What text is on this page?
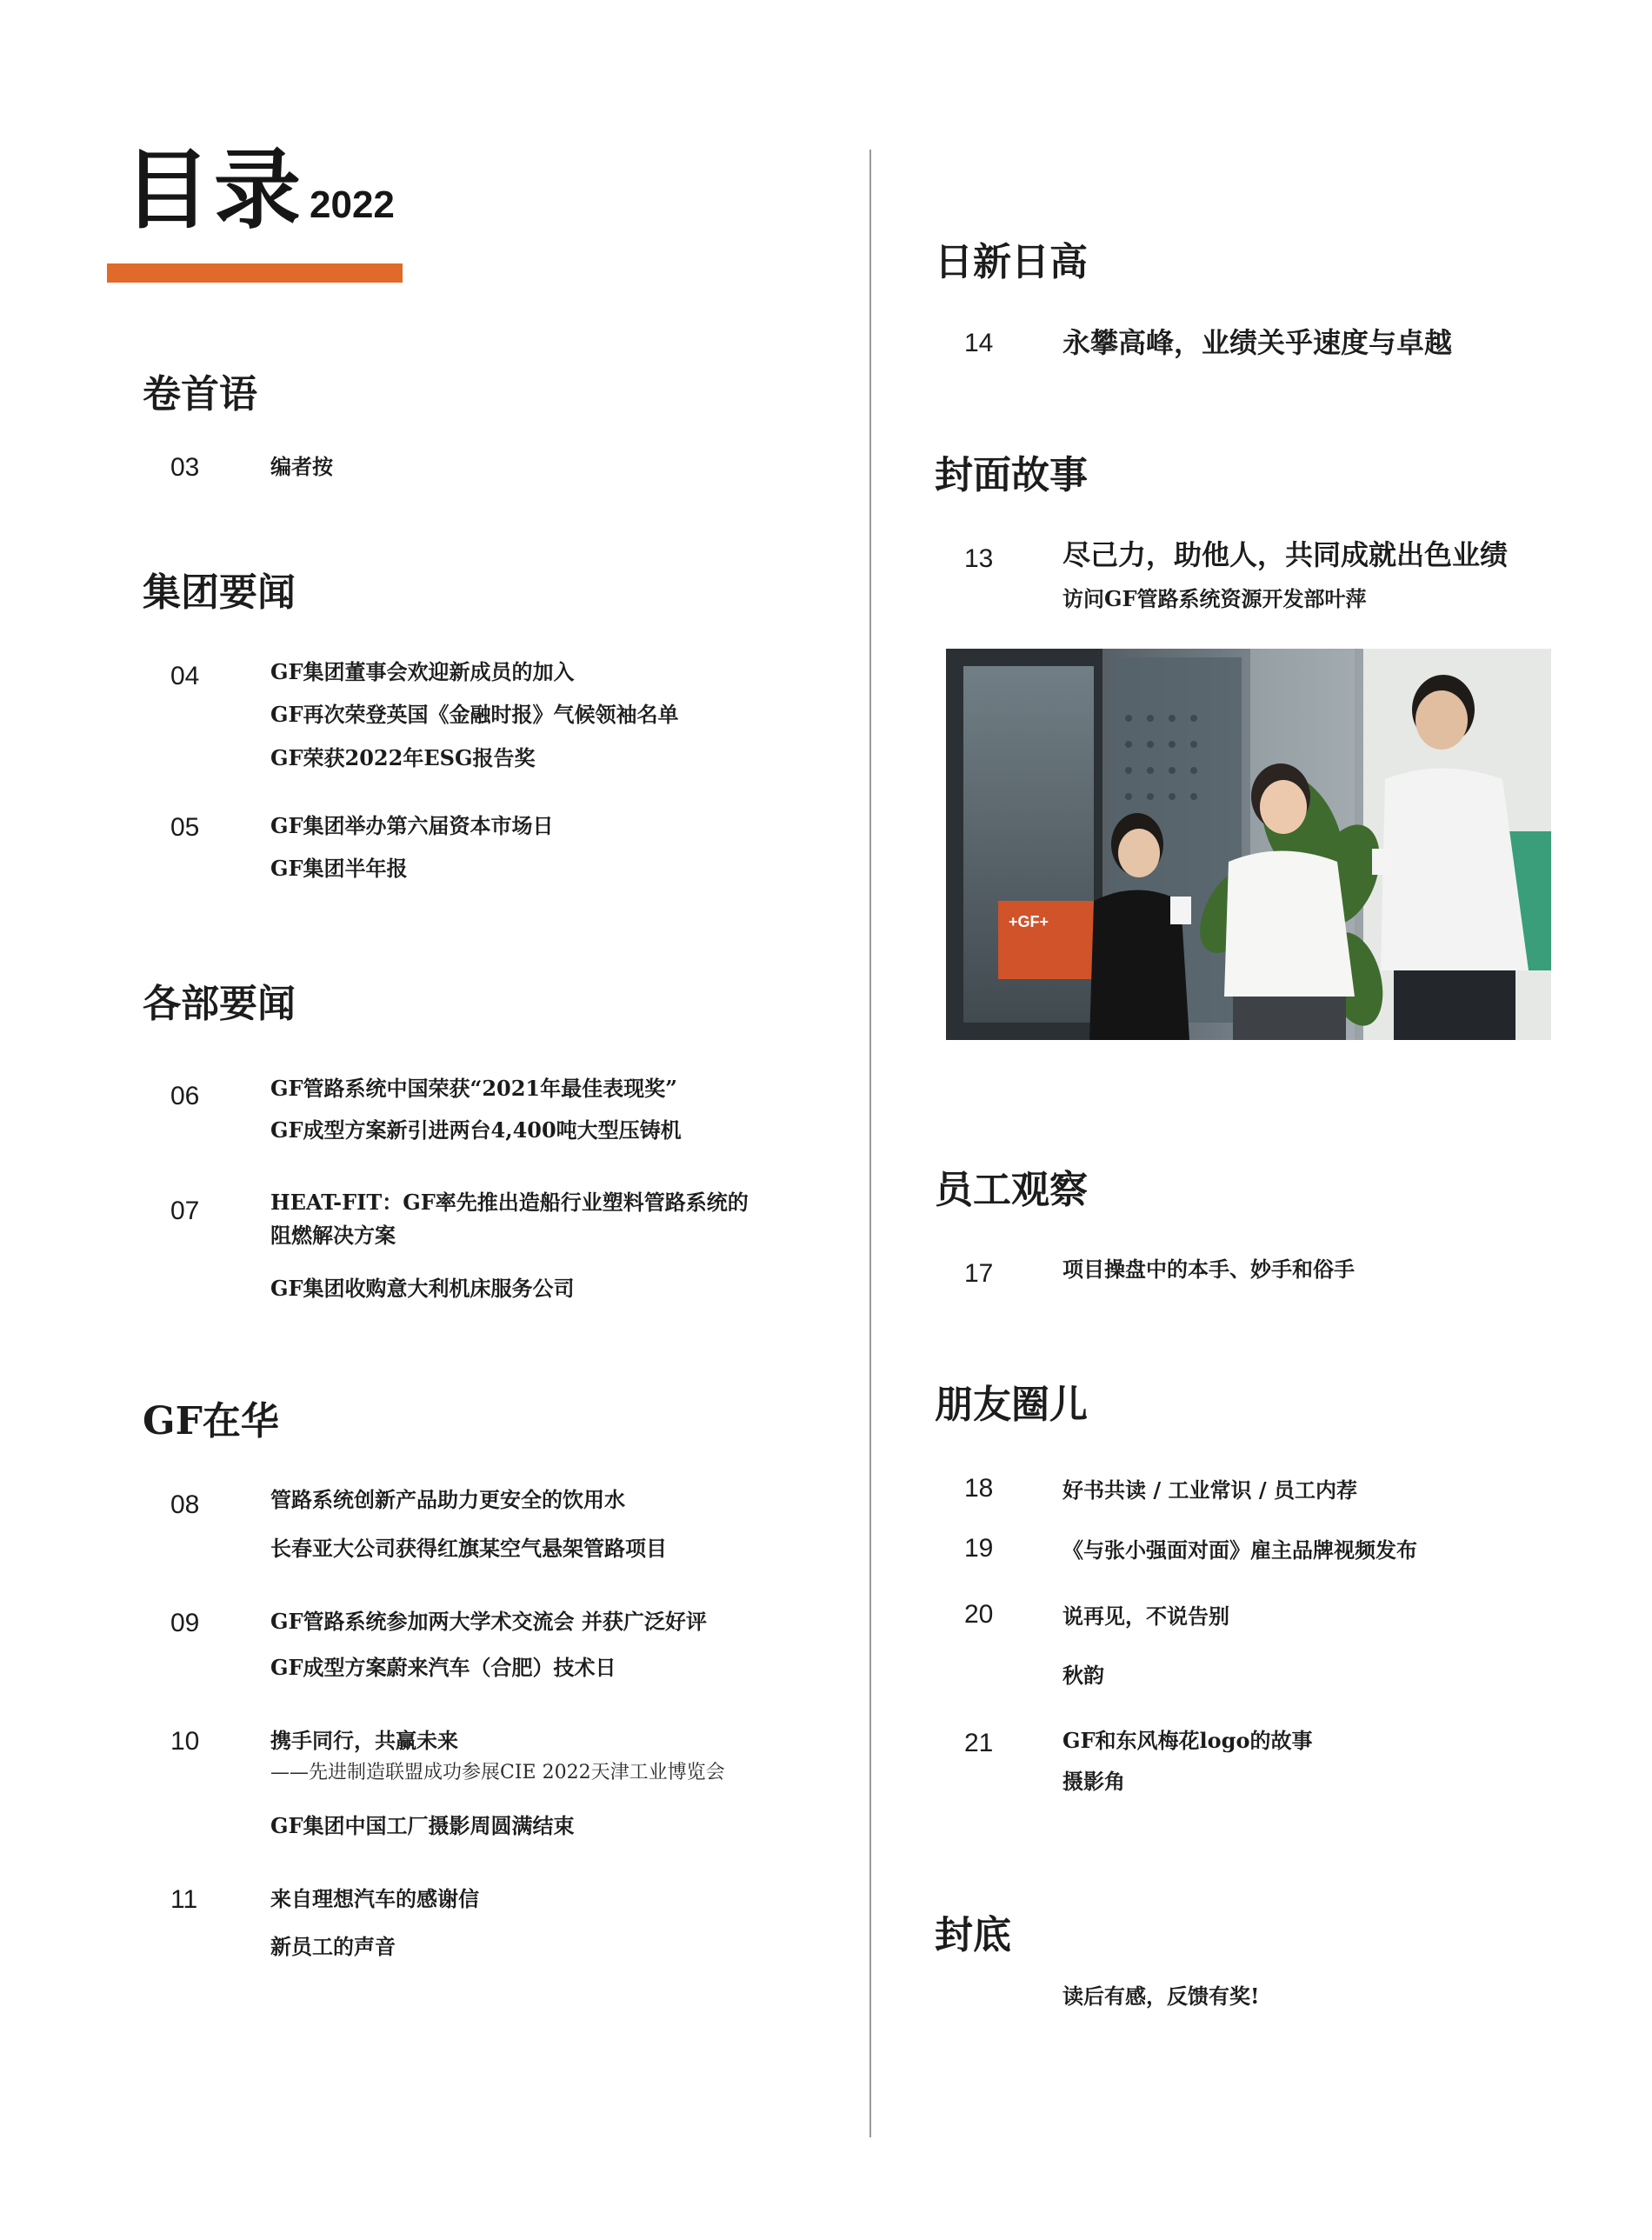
目录 2022
卷首语
03	编者按
集团要闻
04	GF集团董事会欢迎新成员的加入
GF再次荣登英国《金融时报》气候领袖名单
GF荣获2022年ESG报告奖
05	GF集团举办第六届资本市场日
GF集团半年报
各部要闻
06	GF管路系统中国荣获“2021年最佳表现奖”
GF成型方案新引进两台4,400吨大型压铸机
07	HEAT-FIT：GF率先推出造船行业塑料管路系统的
阻燃解决方案
GF集团收购意大利机床服务公司
GF在华
08	管路系统创新产品助力更安全的饮用水
长春亚大公司获得红旗某空气悬架管路项目
09	GF管路系统参加两大学术交流会 并获广泛好评
GF成型方案蔚来汽车（合肥）技术日
10	携手同行，共赢未来
——先进制造联盟成功参展CIE 2022天津工业博览会
GF集团中国工厂摄影周圆满结束
11	来自理想汽车的感谢信
新员工的声音
日新日高
14 永攀高峰，业绩关乎速度与卓越
封面故事
13 尽己力，助他人，共同成就出色业绩
访问GF管路系统资源开发部叶萍
+GF+
员工观察
17	项目操盘中的本手、妙手和俗手
朋友圈儿
18	好书共读 / 工业常识 / 员工内荐
19	《与张小强面对面》雇主品牌视频发布
20	说再见，不说告别
秋韵
21	GF和东风梅花logo的故事
摄影角
封底
读后有感，反馈有奖!
